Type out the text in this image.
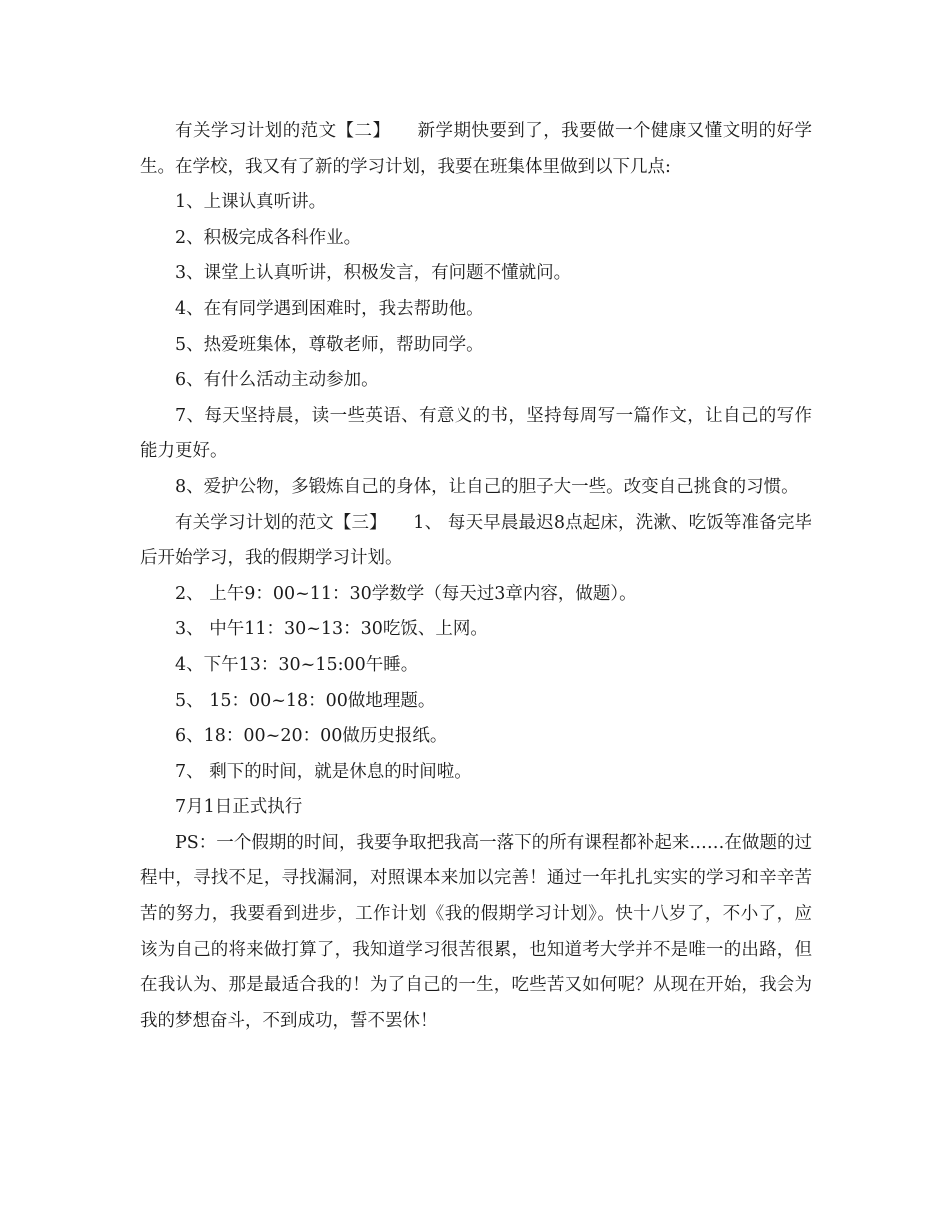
有关学习计划的范文【二】　　新学期快要到了，我要做一个健康又懂文明的好学生。在学校，我又有了新的学习计划，我要在班集体里做到以下几点:

1、上课认真听讲。

2、积极完成各科作业。

3、课堂上认真听讲，积极发言，有问题不懂就问。

4、在有同学遇到困难时，我去帮助他。

5、热爱班集体，尊敬老师，帮助同学。

6、有什么活动主动参加。

7、每天坚持晨，读一些英语、有意义的书，坚持每周写一篇作文，让自己的写作能力更好。

8、爱护公物，多锻炼自己的身体，让自己的胆子大一些。改变自己挑食的习惯。

有关学习计划的范文【三】　　1、 每天早晨最迟8点起床，洗漱、吃饭等准备完毕后开始学习，我的假期学习计划。

2、 上午9：00~11：30学数学（每天过3章内容，做题）。

3、 中午11：30~13：30吃饭、上网。

4、下午13：30~15:00午睡。

5、 15：00~18：00做地理题。

6、18：00~20：00做历史报纸。

7、 剩下的时间，就是休息的时间啦。

7月1日正式执行

PS：一个假期的时间，我要争取把我高一落下的所有课程都补起来……在做题的过程中，寻找不足，寻找漏洞，对照课本来加以完善！通过一年扎扎实实的学习和辛辛苦苦的努力，我要看到进步，工作计划《我的假期学习计划》。快十八岁了，不小了，应该为自己的将来做打算了，我知道学习很苦很累，也知道考大学并不是唯一的出路，但在我认为、那是最适合我的！为了自己的一生，吃些苦又如何呢？从现在开始，我会为我的梦想奋斗，不到成功，誓不罢休！
